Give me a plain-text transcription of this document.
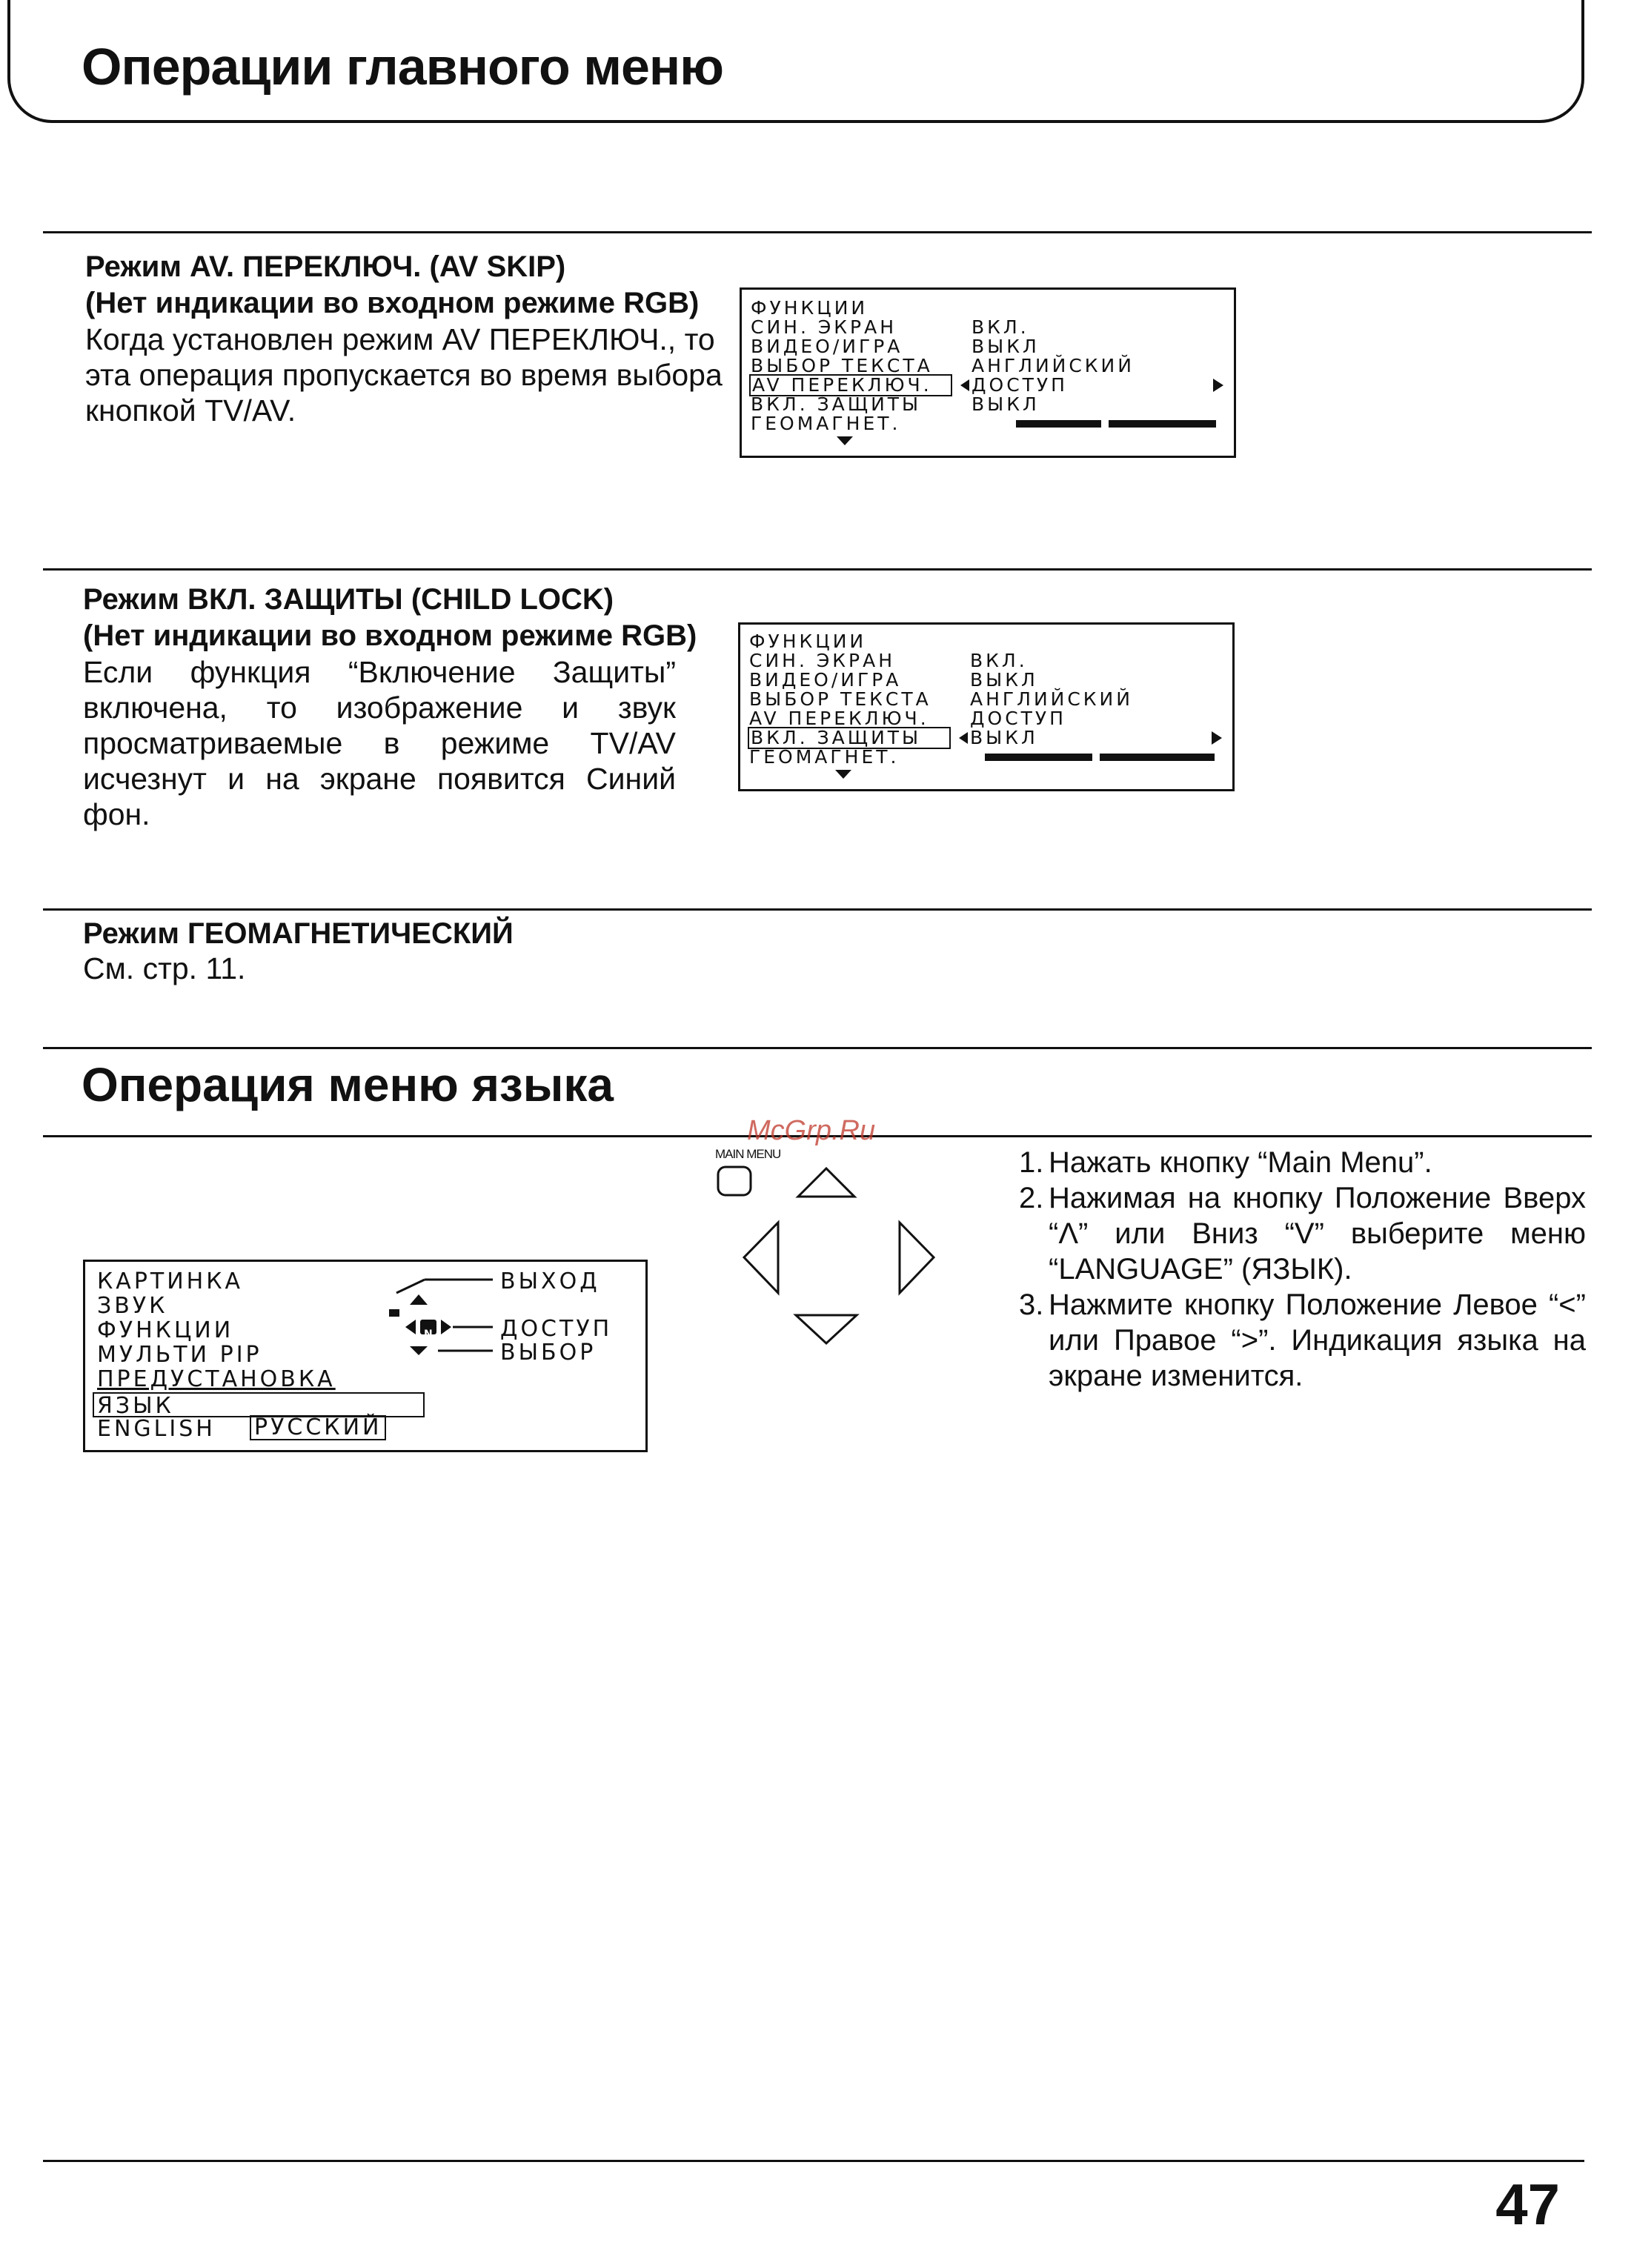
Операции главного меню
Режим AV. ПЕРЕКЛЮЧ. (AV SKIP)
(Нет индикации во входном режиме RGB)
Когда установлен режим AV ПЕРЕКЛЮЧ., то
эта операция пропускается во время выбора
кнопкой TV/AV.
ФУНКЦИИ
СИН. ЭКРАН	ВКЛ.
ВИДЕО/ИГРА	ВЫКЛ
ВЫБОР ТЕКСТА АНГЛИЙСКИЙ
AV ПЕРЕКЛЮЧ.	ДОСТУП
ВКЛ. ЗАЩИТЫ	ВЫКЛ
ГЕОМАГНЕТ.
Режим ВКЛ. ЗАЩИТЫ (CHILD LOCK)
(Нет индикации во входном режиме RGB)
Если функция “Включение Защиты”
включена, то изображение и звук
просматриваемые в режиме TV/AV
исчезнут и на экране появится Синий фон.
ФУНКЦИИ
СИН. ЭКРАН	ВКЛ.
ВИДЕО/ИГРА	ВЫКЛ
ВЫБОР ТЕКСТА АНГЛИЙСКИЙ
AV ПЕРЕКЛЮЧ. ДОСТУП
ВКЛ. ЗАЩИТЫ	ВЫКЛ
ГЕОМАГНЕТ.
Режим ГЕОМАГНЕТИЧЕСКИЙ
См. стр. 11.
Операция меню языка
McGrp.Ru
MAIN MENU
КАРТИНКА
ЗВУК
ФУНКЦИИ
МУЛЬТИ PIP
ПРЕДУСТАНОВКА
ЯЗЫК
ENGLISH РУССКИЙ
N
ВЫХОД
ДОСТУП
ВЫБОР
1. Нажать кнопку “Main Menu”.
2. Нажимая на кнопку Положение Вверх
“Λ” или Вниз “V” выберите меню
“LANGUAGE” (ЯЗЫК).
3. Нажмите кнопку Положение Левое “<”
или Правое “>”. Индикация языка на
экране изменится.
47
